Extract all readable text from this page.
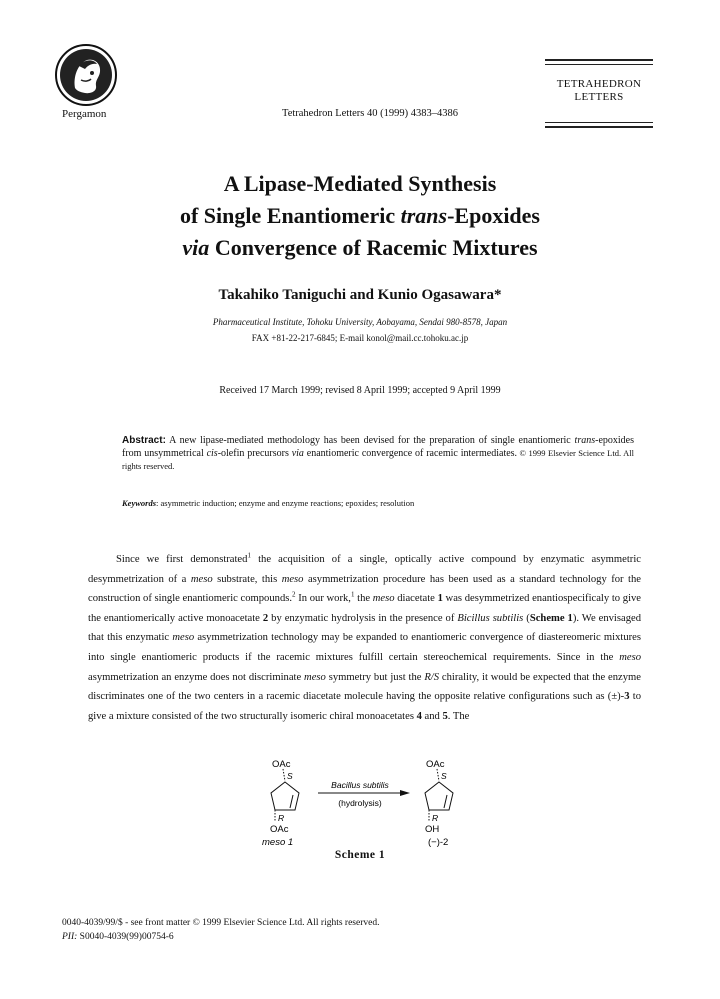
Pergamon	Tetrahedron Letters 40 (1999) 4383–4386
TETRAHEDRON
LETTERS
A Lipase-Mediated Synthesis
of Single Enantiomeric trans-Epoxides
via Convergence of Racemic Mixtures
Takahiko Taniguchi and Kunio Ogasawara*
Pharmaceutical Institute, Tohoku University, Aobayama, Sendai 980-8578, Japan
FAX +81-22-217-6845; E-mail konol@mail.cc.tohoku.ac.jp
Received 17 March 1999; revised 8 April 1999; accepted 9 April 1999
Abstract: A new lipase-mediated methodology has been devised for the preparation of single enantiomeric trans-epoxides from unsymmetrical cis-olefin precursors via enantiomeric convergence of racemic intermediates. © 1999 Elsevier Science Ltd. All rights reserved.
Keywords: asymmetric induction; enzyme and enzyme reactions; epoxides; resolution
Since we first demonstrated$^1$ the acquisition of a single, optically active compound by enzymatic asymmetric desymmetrization of a meso substrate, this meso asymmetrization procedure has been used as a standard technology for the construction of single enantiomeric compounds.$^2$ In our work,$^1$ the meso diacetate 1 was desymmetrized enantiospecificaly to give the enantiomerically active monoacetate 2 by enzymatic hydrolysis in the presence of Bicillus subtilis (Scheme 1). We envisaged that this enzymatic meso asymmetrization technology may be expanded to enantiomeric convergence of diastereomeric mixtures into single enantiomeric products if the racemic mixtures fulfill certain stereochemical requirements. Since in the meso asymmetrization an enzyme does not discriminate meso symmetry but just the R/S chirality, it would be expected that the enzyme discriminates one of the two centers in a racemic diacetate molecule having the opposite relative configurations such as (±)-3 to give a mixture consisted of the two structurally isomeric chiral monoacetates 4 and 5. The
OAc
S
R
OAc
meso 1
Bacillus subtilis
(hydrolysis)
OAc
S
R
OH
(−)-2
Scheme 1
0040-4039/99/$ - see front matter © 1999 Elsevier Science Ltd. All rights reserved.
PII: S0040-4039(99)00754-6
